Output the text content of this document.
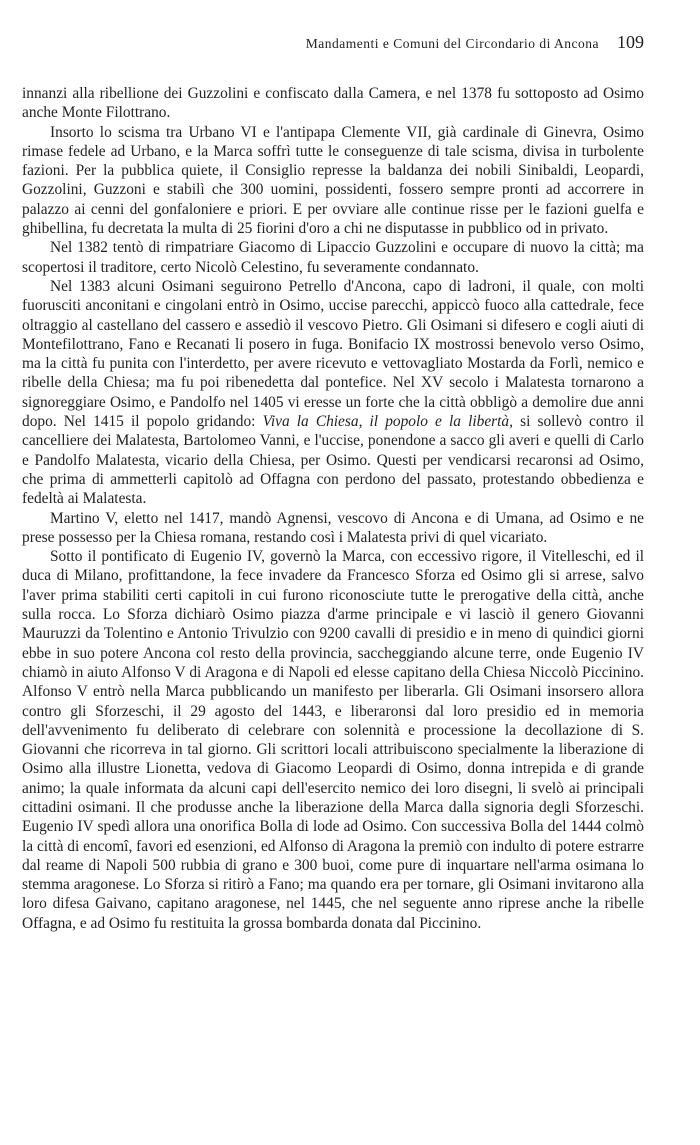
Mandamenti e Comuni del Circondario di Ancona 109

innanzi alla ribellione dei Guzzolini e confiscato dalla Camera, e nel 1378 fu sottoposto ad Osimo anche Monte Filottrano.

Insorto lo scisma tra Urbano VI e l'antipapa Clemente VII, già cardinale di Ginevra, Osimo rimase fedele ad Urbano, e la Marca soffrì tutte le conseguenze di tale scisma, divisa in turbolente fazioni. Per la pubblica quiete, il Consiglio represse la baldanza dei nobili Sinibaldi, Leopardi, Gozzolini, Guzzoni e stabilì che 300 uomini, possidenti, fossero sempre pronti ad accorrere in palazzo ai cenni del gonfaloniere e priori. E per ovviare alle continue risse per le fazioni guelfa e ghibellina, fu decretata la multa di 25 fiorini d'oro a chi ne disputasse in pubblico od in privato.

Nel 1382 tentò di rimpatriare Giacomo di Lipaccio Guzzolini e occupare di nuovo la città; ma scopertosi il traditore, certo Nicolò Celestino, fu severamente condannato.

Nel 1383 alcuni Osimani seguirono Petrello d'Ancona, capo di ladroni, il quale, con molti fuorusciti anconitani e cingolani entrò in Osimo, uccise parecchi, appiccò fuoco alla cattedrale, fece oltraggio al castellano del cassero e assediò il vescovo Pietro. Gli Osimani si difesero e cogli aiuti di Montefilottrano, Fano e Recanati li posero in fuga. Bonifacio IX mostrossi benevolo verso Osimo, ma la città fu punita con l'interdetto, per avere ricevuto e vettovagliato Mostarda da Forlì, nemico e ribelle della Chiesa; ma fu poi ribenedetta dal pontefice. Nel XV secolo i Malatesta tornarono a signoreggiare Osimo, e Pandolfo nel 1405 vi eresse un forte che la città obbligò a demolire due anni dopo. Nel 1415 il popolo gridando: Viva la Chiesa, il popolo e la libertà, si sollevò contro il cancelliere dei Malatesta, Bartolomeo Vanni, e l'uccise, ponendone a sacco gli averi e quelli di Carlo e Pandolfo Malatesta, vicario della Chiesa, per Osimo. Questi per vendicarsi recaronsi ad Osimo, che prima di ammetterli capitolò ad Offagna con perdono del passato, protestando obbedienza e fedeltà ai Malatesta.

Martino V, eletto nel 1417, mandò Agnensi, vescovo di Ancona e di Umana, ad Osimo e ne prese possesso per la Chiesa romana, restando così i Malatesta privi di quel vicariato.

Sotto il pontificato di Eugenio IV, governò la Marca, con eccessivo rigore, il Vitelleschi, ed il duca di Milano, profittandone, la fece invadere da Francesco Sforza ed Osimo gli si arrese, salvo l'aver prima stabiliti certi capitoli in cui furono riconosciute tutte le prerogative della città, anche sulla rocca. Lo Sforza dichiarò Osimo piazza d'arme principale e vi lasciò il genero Giovanni Mauruzzi da Tolentino e Antonio Trivulzio con 9200 cavalli di presidio e in meno di quindici giorni ebbe in suo potere Ancona col resto della provincia, saccheggiando alcune terre, onde Eugenio IV chiamò in aiuto Alfonso V di Aragona e di Napoli ed elesse capitano della Chiesa Niccolò Piccinino. Alfonso V entrò nella Marca pubblicando un manifesto per liberarla. Gli Osimani insorsero allora contro gli Sforzeschi, il 29 agosto del 1443, e liberaronsi dal loro presidio ed in memoria dell'avvenimento fu deliberato di celebrare con solennità e processione la decollazione di S. Giovanni che ricorreva in tal giorno. Gli scrittori locali attribuiscono specialmente la liberazione di Osimo alla illustre Lionetta, vedova di Giacomo Leopardi di Osimo, donna intrepida e di grande animo; la quale informata da alcuni capi dell'esercito nemico dei loro disegni, li svelò ai principali cittadini osimani. Il che produsse anche la liberazione della Marca dalla signoria degli Sforzeschi. Eugenio IV spedì allora una onorifica Bolla di lode ad Osimo. Con successiva Bolla del 1444 colmò la città di encomî, favori ed esenzioni, ed Alfonso di Aragona la premiò con indulto di potere estrarre dal reame di Napoli 500 rubbia di grano e 300 buoi, come pure di inquartare nell'arma osimana lo stemma aragonese. Lo Sforza si ritirò a Fano; ma quando era per tornare, gli Osimani invitarono alla loro difesa Gaivano, capitano aragonese, nel 1445, che nel seguente anno riprese anche la ribelle Offagna, e ad Osimo fu restituita la grossa bombarda donata dal Piccinino.
